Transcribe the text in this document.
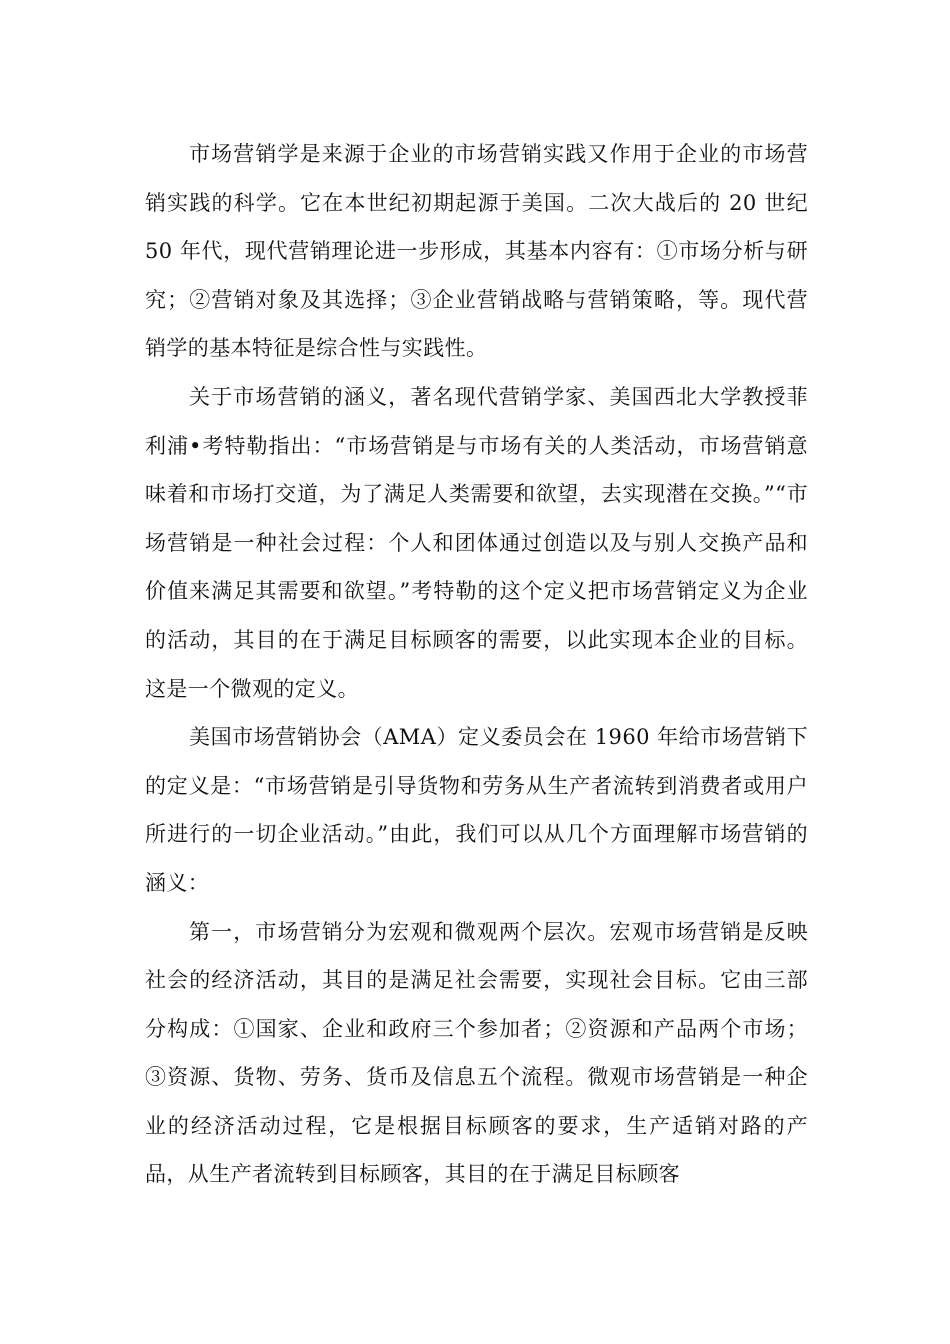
市场营销学是来源于企业的市场营销实践又作用于企业的市场营销实践的科学。它在本世纪初期起源于美国。二次大战后的 20 世纪 50 年代，现代营销理论进一步形成，其基本内容有：①市场分析与研究；②营销对象及其选择；③企业营销战略与营销策略，等。现代营销学的基本特征是综合性与实践性。

关于市场营销的涵义，著名现代营销学家、美国西北大学教授菲利浦•考特勒指出：“市场营销是与市场有关的人类活动，市场营销意味着和市场打交道，为了满足人类需要和欲望，去实现潜在交换。”“市场营销是一种社会过程：个人和团体通过创造以及与别人交换产品和价值来满足其需要和欲望。”考特勒的这个定义把市场营销定义为企业的活动，其目的在于满足目标顾客的需要，以此实现本企业的目标。这是一个微观的定义。

美国市场营销协会（AMA）定义委员会在 1960 年给市场营销下的定义是：“市场营销是引导货物和劳务从生产者流转到消费者或用户所进行的一切企业活动。”由此，我们可以从几个方面理解市场营销的涵义：

第一，市场营销分为宏观和微观两个层次。宏观市场营销是反映社会的经济活动，其目的是满足社会需要，实现社会目标。它由三部分构成：①国家、企业和政府三个参加者；②资源和产品两个市场；③资源、货物、劳务、货币及信息五个流程。微观市场营销是一种企业的经济活动过程，它是根据目标顾客的要求，生产适销对路的产品，从生产者流转到目标顾客，其目的在于满足目标顾客
